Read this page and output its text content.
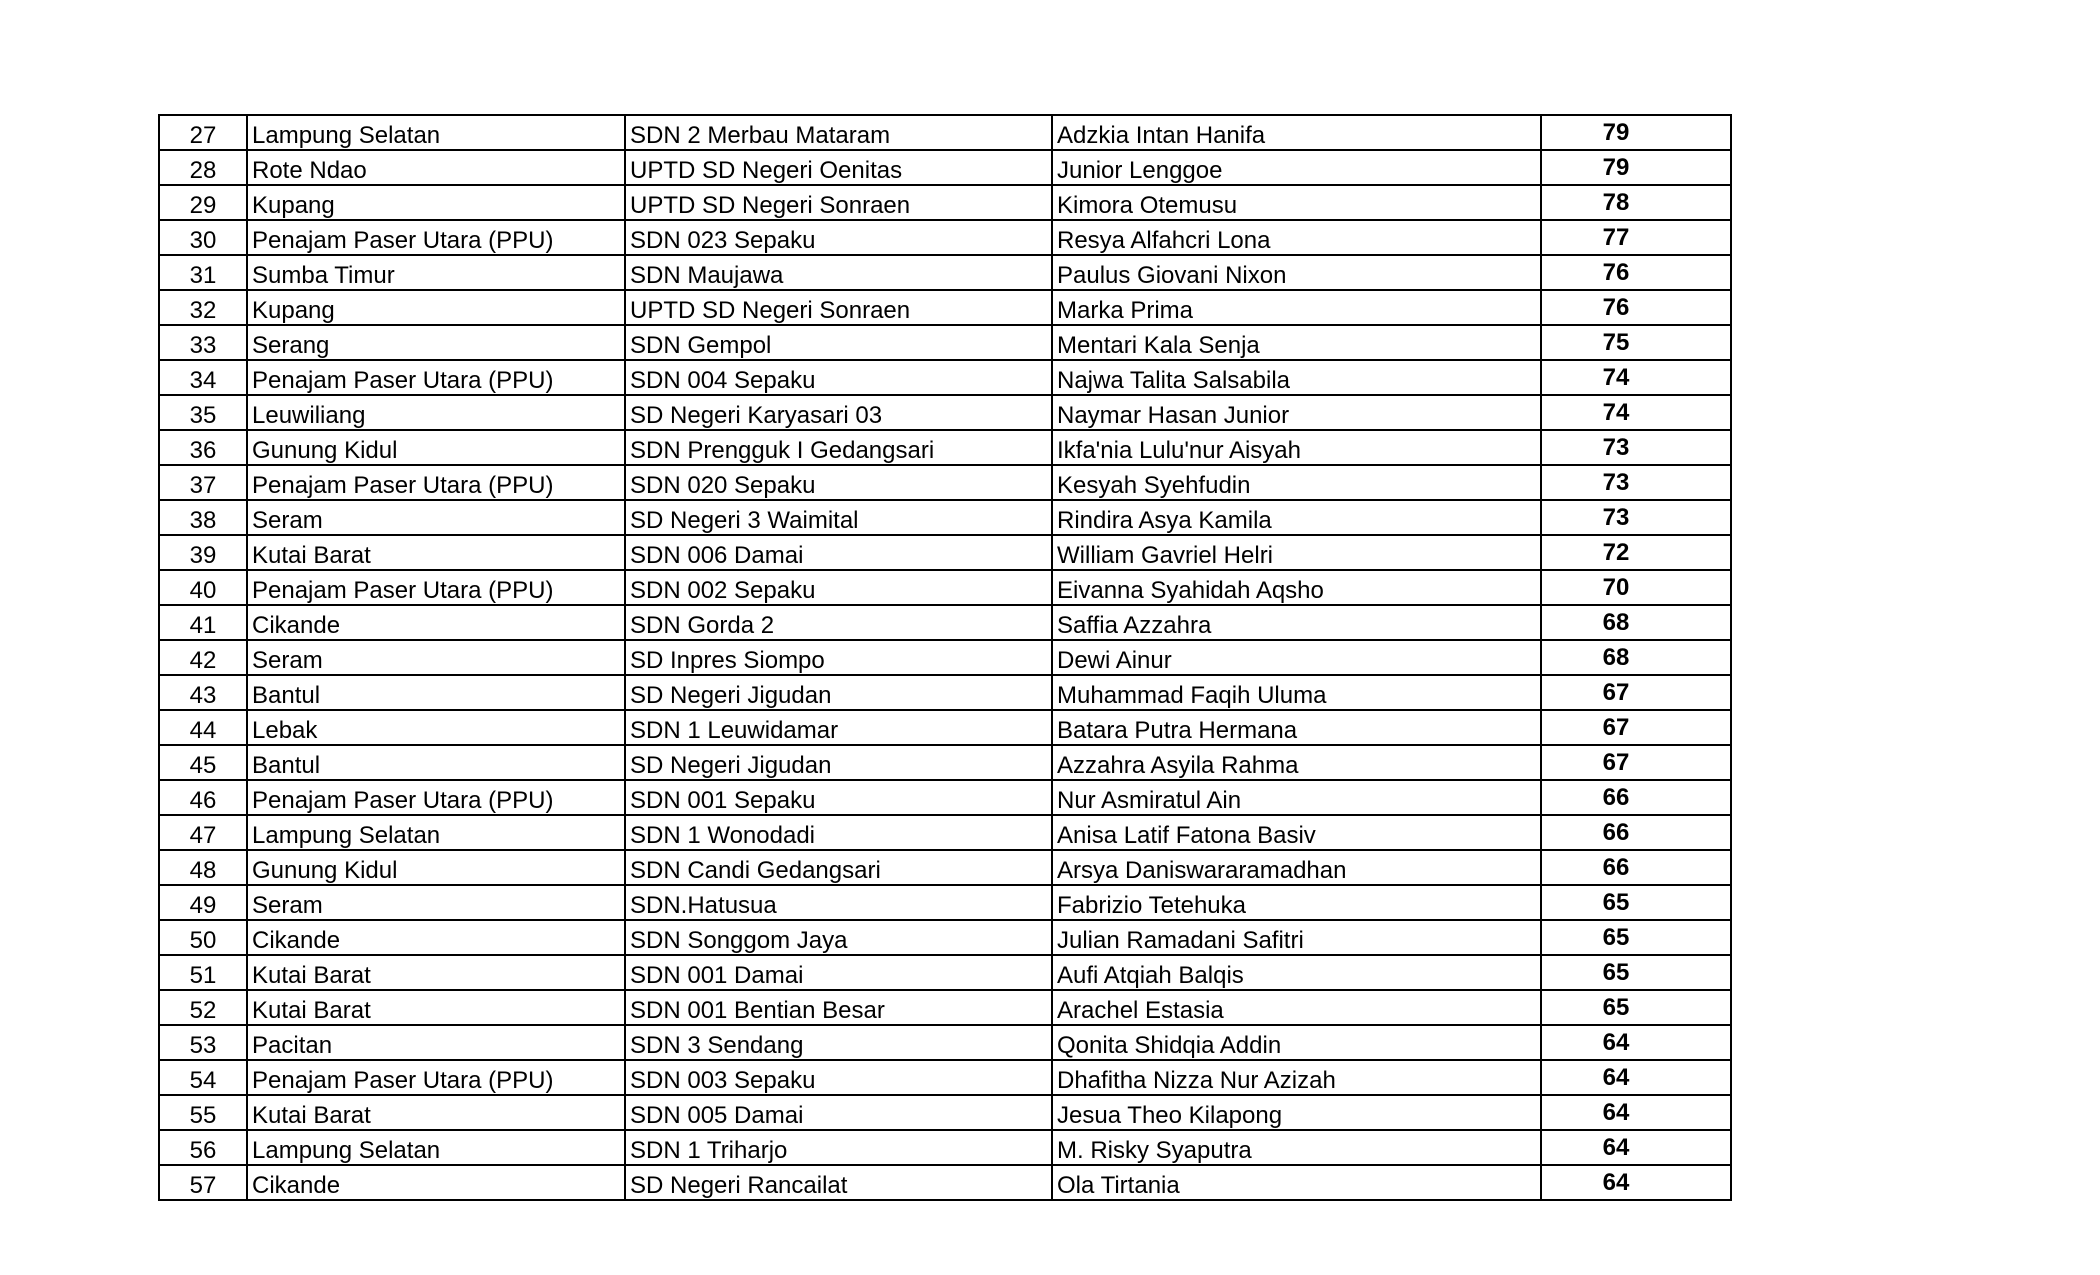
27	Lampung Selatan	SDN 2 Merbau Mataram	Adzkia Intan Hanifa	79
28	Rote Ndao	UPTD SD Negeri Oenitas	Junior Lenggoe	79
29	Kupang	UPTD SD Negeri Sonraen	Kimora Otemusu	78
30	Penajam Paser Utara (PPU)	SDN 023 Sepaku	Resya Alfahcri Lona	77
31	Sumba Timur	SDN Maujawa	Paulus Giovani Nixon	76
32	Kupang	UPTD SD Negeri Sonraen	Marka Prima	76
33	Serang	SDN Gempol	Mentari Kala Senja	75
34	Penajam Paser Utara (PPU)	SDN 004 Sepaku	Najwa Talita Salsabila	74
35	Leuwiliang	SD Negeri Karyasari 03	Naymar Hasan Junior	74
36	Gunung Kidul	SDN Prengguk I Gedangsari	Ikfa'nia Lulu'nur Aisyah	73
37	Penajam Paser Utara (PPU)	SDN 020 Sepaku	Kesyah Syehfudin	73
38	Seram	SD Negeri 3 Waimital	Rindira Asya Kamila	73
39	Kutai Barat	SDN 006 Damai	William Gavriel Helri	72
40	Penajam Paser Utara (PPU)	SDN 002 Sepaku	Eivanna Syahidah Aqsho	70
41	Cikande	SDN Gorda 2	Saffia Azzahra	68
42	Seram	SD Inpres Siompo	Dewi Ainur	68
43	Bantul	SD Negeri Jigudan	Muhammad Faqih Uluma	67
44	Lebak	SDN 1 Leuwidamar	Batara Putra Hermana	67
45	Bantul	SD Negeri Jigudan	Azzahra Asyila Rahma	67
46	Penajam Paser Utara (PPU)	SDN 001 Sepaku	Nur Asmiratul Ain	66
47	Lampung Selatan	SDN 1 Wonodadi	Anisa Latif Fatona Basiv	66
48	Gunung Kidul	SDN Candi Gedangsari	Arsya Daniswararamadhan	66
49	Seram	SDN.Hatusua	Fabrizio Tetehuka	65
50	Cikande	SDN Songgom Jaya	Julian Ramadani Safitri	65
51	Kutai Barat	SDN 001 Damai	Aufi Atqiah Balqis	65
52	Kutai Barat	SDN 001 Bentian Besar	Arachel Estasia	65
53	Pacitan	SDN 3 Sendang	Qonita Shidqia Addin	64
54	Penajam Paser Utara (PPU)	SDN 003 Sepaku	Dhafitha Nizza Nur Azizah	64
55	Kutai Barat	SDN 005 Damai	Jesua Theo Kilapong	64
56	Lampung Selatan	SDN 1 Triharjo	M. Risky Syaputra	64
57	Cikande	SD Negeri Rancailat	Ola Tirtania	64
